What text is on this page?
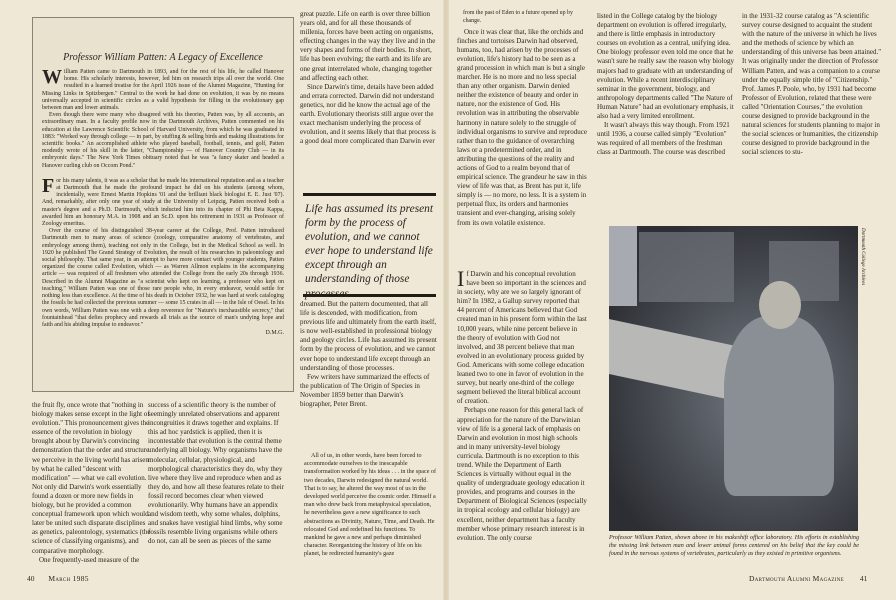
Professor William Patten: A Legacy of Excellence

William Patten came to Dartmouth in 1893, and for the rest of his life, he called Hanover home. His scholarly interests, however, led him on research trips all over the world. One resulted in a learned treatise for the April 1926 issue of the Alumni Magazine, "Hunting for Missing Links in Spitzbergen." Central to the work he had done on evolution, it was by no means universally accepted in scientific circles as a valid hypothesis for filling in the evolutionary gap between man and lower animals.

Even though there were many who disagreed with his theories, Patten was, by all accounts, an extraordinary man. In a faculty profile now in the Dartmouth Archives, Patten commented on his education at the Lawrence Scientific School of Harvard University, from which he was graduated in 1883: "Worked way through college — in part, by stuffing & selling birds and making illustrations for scientific books." An accomplished athlete who played baseball, football, tennis, and golf, Patten modestly wrote of his skill in the latter, "Championship — of Hanover Country Club — in its embryonic days." The New York Times obituary noted that he was "a fancy skater and headed a Hanover curling club on Occom Pond."

For his many talents, it was as a scholar that he made his international reputation and as a teacher at Dartmouth that he made the profound impact he did on his students (among whom, incidentally, were Ernest Martin Hopkins '01 and the brilliant black biologist E. E. Just '07). And, remarkably, after only one year of study at the University of Leipzig, Patten received both a master's degree and a Ph.D. Dartmouth, which inducted him into its chapter of Phi Beta Kappa, awarded him an honorary M.A. in 1908 and an Sc.D. upon his retirement in 1931 as Professor of Zoology emeritus.

Over the course of his distinguished 38-year career at the College, Prof. Patten introduced Dartmouth men to many areas of science (zoology, comparative anatomy of vertebrates, and embryology among them), teaching not only in the College, but in the Medical School as well. In 1920 he published The Grand Strategy of Evolution, the result of his researches in paleontology and social philosophy. That same year, in an attempt to have more contact with younger students, Patten organized the course called Evolution, which — as Warren Allmon explains in the accompanying article — was required of all freshmen who attended the College from the early 20s through 1936. Described in the Alumni Magazine as "a scientist who kept on learning, a professor who kept on teaching," William Patten was one of those rare people who, in every endeavor, would settle for nothing less than excellence. At the time of his death in October 1932, he was hard at work cataloging the fossils he had collected the previous summer — some 15 crates in all — in the Isle of Oesel. In his own words, William Patten was one with a deep reverence for "Nature's inexhaustible secrecy," that fountainhead "that defies prophecy and rewards all trials as the source of man's undying hope and faith and his abiding impulse to endeavor."

D.M.G.

the fruit fly, once wrote that "nothing in biology makes sense except in the light of evolution." This pronouncement gives the essence of the revolution in biology brought about by Darwin's convincing demonstration that the order and structure we perceive in the living world has arisen by what he called "descent with modification" — what we call evolution. Not only did Darwin's work essentially found a dozen or more new fields in biology, but he provided a common conceptual framework upon which would later be united such disparate disciplines as genetics, paleontology, systematics (the science of classifying organisms), and comparative morphology.

One frequently-used measure of the

success of a scientific theory is the number of seemingly unrelated observations and apparent incongruities it draws together and explains. If this ad hoc yardstick is applied, then it is incontestable that evolution is the central theme underlying all biology. Why organisms have the molecular, cellular, physiological, and morphological characteristics they do, why they live where they live and reproduce when and as they do, and how all these features relate to their fossil record becomes clear when viewed evolutionarily. Why humans have an appendix and wisdom teeth, why some whales, dolphins, and snakes have vestigial hind limbs, why some fossils resemble living organisms while others do not, can all be seen as pieces of the same

great puzzle. Life on earth is over three billion years old, and for all these thousands of millenia, forces have been acting on organisms, effecting changes in the way they live and in the very shapes and forms of their bodies. In short, life has been evolving; the earth and its life are one great interrelated whole, changing together and affecting each other.

Since Darwin's time, details have been added and errata corrected. Darwin did not understand genetics, nor did he know the actual age of the earth. Evolutionary theorists still argue over the exact mechanism underlying the process of evolution, and it seems likely that that process is a good deal more complicated than Darwin ever

Life has assumed its present form by the process of evolution, and we cannot ever hope to understand life except through an understanding of those processes.

dreamed. But the pattern documented, that all life is descended, with modification, from previous life and ultimately from the earth itself, is now well-established in professional biology and geology circles. Life has assumed its present form by the process of evolution, and we cannot ever hope to understand life except through an understanding of those processes.

Few writers have summarized the effects of the publication of The Origin of Species in November 1859 better than Darwin's biographer, Peter Brent.

All of us, in other words, have been forced to accommodate ourselves to the inescapable transformation worked by his ideas . . . in the space of two decades, Darwin redesigned the natural world. That is to say, he altered the way most of us in the developed world perceive the cosmic order. Himself a man who drew back from metaphysical speculation, he nevertheless gave a new significance to such abstractions as Divinity, Nature, Time, and Death. He relocated God and redefined his functions. To mankind he gave a new and perhaps diminished character. Reorganizing the history of life on his planet, he redirected humanity's gaze

40 March 1985

from the past of Eden to a future opened up by change.

Once it was clear that, like the orchids and finches and tortoises Darwin had observed, humans, too, had arisen by the processes of evolution, life's history had to be seen as a grand procession in which man is but a single marcher. He is no more and no less special than any other organism. Darwin denied neither the existence of beauty and order in nature, nor the existence of God. His revolution was in attributing the observable harmony in nature solely to the struggle of individual organisms to survive and reproduce rather than to the guidance of overarching laws or a predetermined order, and in attributing the questions of the reality and actions of God to a realm beyond that of empirical science. The grandeur he saw in this view of life was that, as Brent has put it, life simply is — no more, no less. It is a system in perpetual flux, its orders and harmonies transient and ever-changing, arising solely from its own volatile existence.

If Darwin and his conceptual revolution have been so important in the sciences and in society, why are we so largely ignorant of him? In 1982, a Gallup survey reported that 44 percent of Americans believed that God created man in his present form within the last 10,000 years, while nine percent believe in the theory of evolution with God not involved, and 38 percent believe that man evolved in an evolutionary process guided by God. Americans with some college education leaned two to one in favor of evolution in the survey, but nearly one-third of the college segment believed the literal biblical account of creation.

Perhaps one reason for this general lack of appreciation for the nature of the Darwinian view of life is a general lack of emphasis on Darwin and evolution in most high schools and in many university-level biology curricula. Dartmouth is no exception to this trend. While the Department of Earth Sciences is virtually without equal in the quality of undergraduate geology education it provides, and programs and courses in the Department of Biological Sciences (especially in tropical ecology and cellular biology) are excellent, neither department has a faculty member whose primary research interest is in evolution. The only course

listed in the College catalog by the biology department on evolution is offered irregularly, and there is little emphasis in introductory courses on evolution as a central, unifying idea. One biology professor even told me once that he wasn't sure he really saw the reason why biology majors had to graduate with an understanding of evolution. While a recent interdisciplinary seminar in the government, biology, and anthropology departments called "The Nature of Human Nature" had an evolutionary emphasis, it also had a very limited enrollment.

It wasn't always this way though. From 1921 until 1936, a course called simply "Evolution" was required of all members of the freshman class at Dartmouth. The course was described

in the 1931-32 course catalog as "A scientific survey course designed to acquaint the student with the nature of the universe in which he lives and the methods of science by which an understanding of this universe has been attained." It was originally under the direction of Professor William Patten, and was a companion to a course under the equally simple title of "Citizenship." Prof. James P. Poole, who, by 1931 had become Professor of Evolution, related that these were called "Orientation Courses," the evolution course designed to provide background in the natural sciences for students planning to major in the social sciences or humanities, the citizenship course designed to provide background in the social sciences to stu-

Dartmouth College Archives
Professor William Patten, shown above in his makeshift office laboratory. His efforts in establishing the missing link between man and lower animal forms centered on his belief that the key could be found in the nervous systems of vertebrates, particularly as they existed in primitive organisms.
Dartmouth Alumni Magazine 41
